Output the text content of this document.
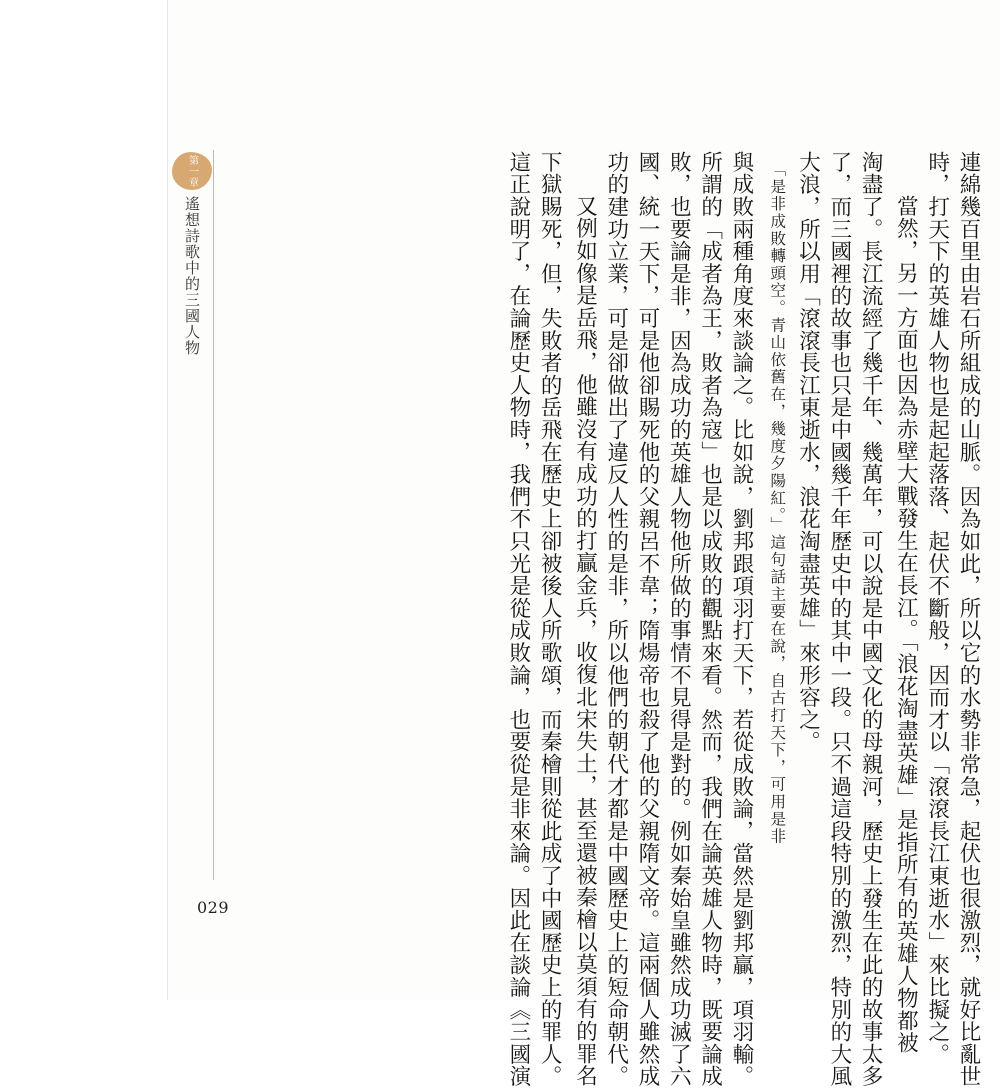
第一章
遙想詩歌中的三國人物
029	連綿幾百里由岩石所組成的山脈。因為如此，所以它的水勢非常急，起伏也很激烈，就好比亂世

時，打天下的英雄人物也是起起落落、起伏不斷般，因而才以「滾滾長江東逝水」來比擬之。

當然，另一方面也因為赤壁大戰發生在長江。「浪花淘盡英雄」是指所有的英雄人物都被

淘盡了。長江流經了幾千年、幾萬年，可以說是中國文化的母親河，歷史上發生在此的故事太多

了，而三國裡的故事也只是中國幾千年歷史中的其中一段。只不過這段特別的激烈，特別的大風

大浪，所以用「滾滾長江東逝水，浪花淘盡英雄」來形容之。

「是非成敗轉頭空。青山依舊在，幾度夕陽紅。」這句話主要在說，自古打天下，可用是非

與成敗兩種角度來談論之。比如說，劉邦跟項羽打天下，若從成敗論，當然是劉邦贏，項羽輸。

所謂的「成者為王，敗者為寇」也是以成敗的觀點來看。然而，我們在論英雄人物時，既要論成

敗，也要論是非，因為成功的英雄人物他所做的事情不見得是對的。例如秦始皇雖然成功滅了六

國、統一天下，可是他卻賜死他的父親呂不韋；隋煬帝也殺了他的父親隋文帝。這兩個人雖然成

功的建功立業，可是卻做出了違反人性的是非，所以他們的朝代才都是中國歷史上的短命朝代。

又例如像是岳飛，他雖沒有成功的打贏金兵，收復北宋失土，甚至還被秦檜以莫須有的罪名

下獄賜死，但，失敗者的岳飛在歷史上卻被後人所歌頌，而秦檜則從此成了中國歷史上的罪人。

這正說明了，在論歷史人物時，我們不只光是從成敗論，也要從是非來論。因此在談論《三國演
